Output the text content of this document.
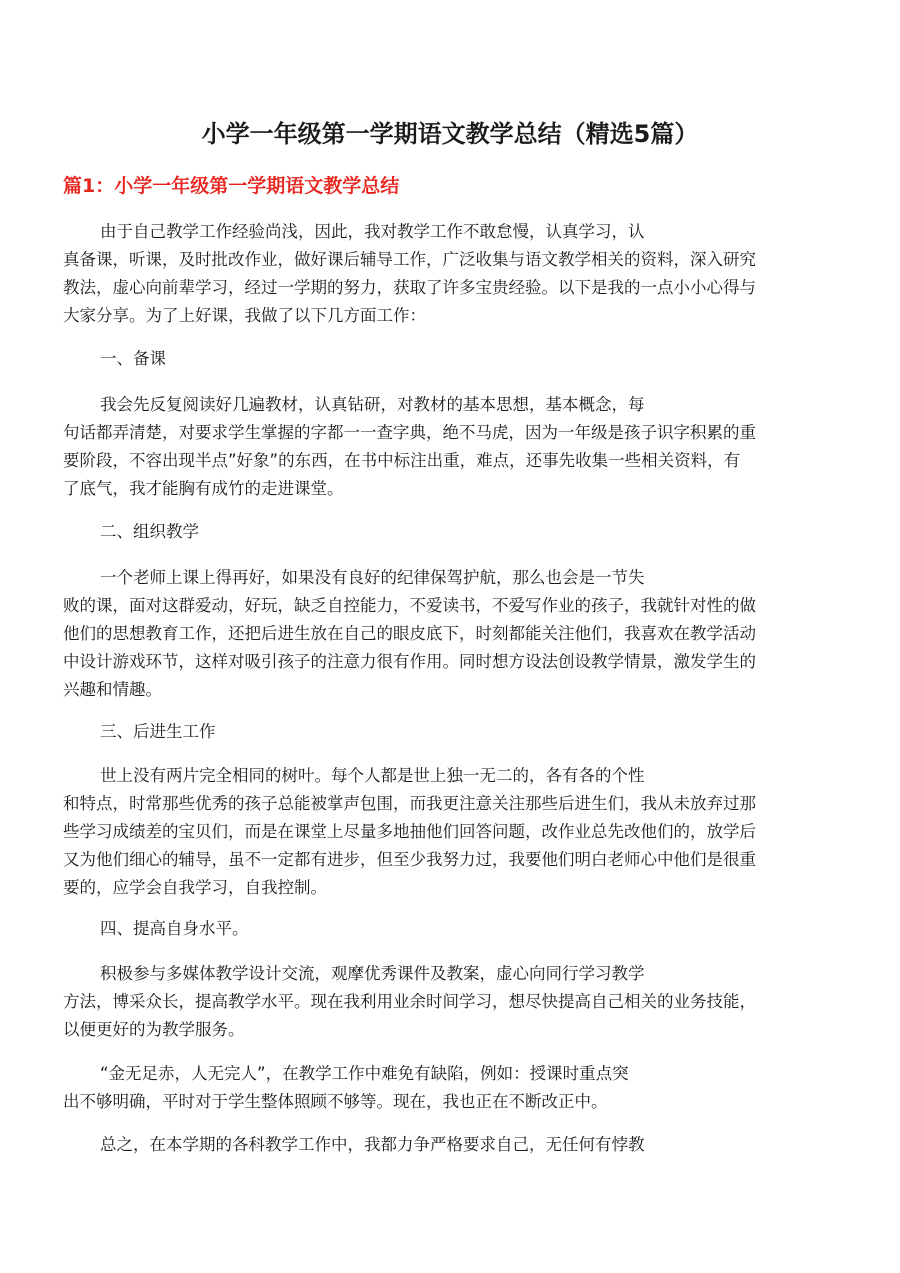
小学一年级第一学期语文教学总结（精选5篇）
篇1：小学一年级第一学期语文教学总结
由于自己教学工作经验尚浅，因此，我对教学工作不敢怠慢，认真学习，认
真备课，听课，及时批改作业，做好课后辅导工作，广泛收集与语文教学相关的资料，深入研究
教法，虚心向前辈学习，经过一学期的努力，获取了许多宝贵经验。以下是我的一点小小心得与
大家分享。为了上好课，我做了以下几方面工作：
一、备课
我会先反复阅读好几遍教材，认真钻研，对教材的基本思想，基本概念，每
句话都弄清楚，对要求学生掌握的字都一一查字典，绝不马虎，因为一年级是孩子识字积累的重
要阶段，不容出现半点”好象”的东西，在书中标注出重，难点，还事先收集一些相关资料，有
了底气，我才能胸有成竹的走进课堂。
二、组织教学
一个老师上课上得再好，如果没有良好的纪律保驾护航，那么也会是一节失
败的课，面对这群爱动，好玩，缺乏自控能力，不爱读书，不爱写作业的孩子，我就针对性的做
他们的思想教育工作，还把后进生放在自己的眼皮底下，时刻都能关注他们，我喜欢在教学活动
中设计游戏环节，这样对吸引孩子的注意力很有作用。同时想方设法创设教学情景，激发学生的
兴趣和情趣。
三、后进生工作
世上没有两片完全相同的树叶。每个人都是世上独一无二的，各有各的个性
和特点，时常那些优秀的孩子总能被掌声包围，而我更注意关注那些后进生们，我从未放弃过那
些学习成绩差的宝贝们，而是在课堂上尽量多地抽他们回答问题，改作业总先改他们的，放学后
又为他们细心的辅导，虽不一定都有进步，但至少我努力过，我要他们明白老师心中他们是很重
要的，应学会自我学习，自我控制。
四、提高自身水平。
积极参与多媒体教学设计交流，观摩优秀课件及教案，虚心向同行学习教学
方法，博采众长，提高教学水平。现在我利用业余时间学习，想尽快提高自己相关的业务技能，
以便更好的为教学服务。
“金无足赤，人无完人”，在教学工作中难免有缺陷，例如：授课时重点突
出不够明确，平时对于学生整体照顾不够等。现在，我也正在不断改正中。
总之，在本学期的各科教学工作中，我都力争严格要求自己，无任何有悖教
